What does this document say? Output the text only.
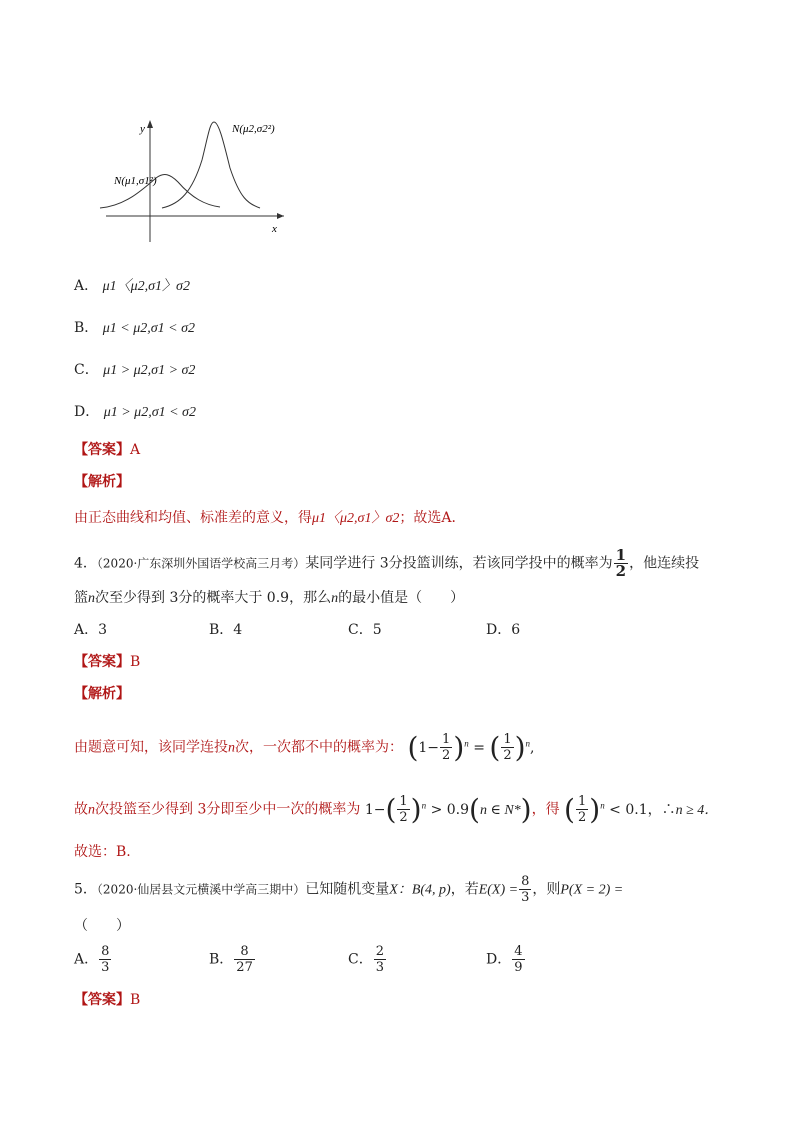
y
x
N(μ1,σ1²)
N(μ2,σ2²)
A． μ1〈μ2,σ1〉σ2
B． μ1 < μ2,σ1 < σ2
C． μ1 > μ2,σ1 > σ2
D． μ1 > μ2,σ1 < σ2
【答案】A
【解析】
由正态曲线和均值、标准差的意义，得μ1〈μ2,σ1〉σ2；故选A．
4．（2020·广东深圳外国语学校高三月考）某同学进行 3分投篮训练，若该同学投中的概率为 $\frac{1}{2}$ ，他连续投
篮n次至少得到 3分的概率大于 0.9，那么n的最小值是（　　）
A．3	B．4	C．5	D．6
【答案】B
【解析】
由题意可知，该同学连投n次，一次都不中的概率为： $(1- \frac{1}{2} )^n$ = ( $\frac{1}{2} )^n$,
故n次投篮至少得到 3分即至少中一次的概率为 $1-( \frac{1}{2} )^n > 0.9(n$ ∈ N*)，得 ( $\frac{1}{2} )^n < 0.1$，∴n ≥ 4．
故选：B.
5．（2020·仙居县文元横溪中学高三期中）已知随机变量X：B(4, p)，若$E(X) = \frac{8}{3}$ ，则P(X = 2) =
（　　）
A． $\frac{8}{3}$	B． $\frac{8}{27}$	C． $\frac{2}{3}$	D． $\frac{4}{9}$
【答案】B
